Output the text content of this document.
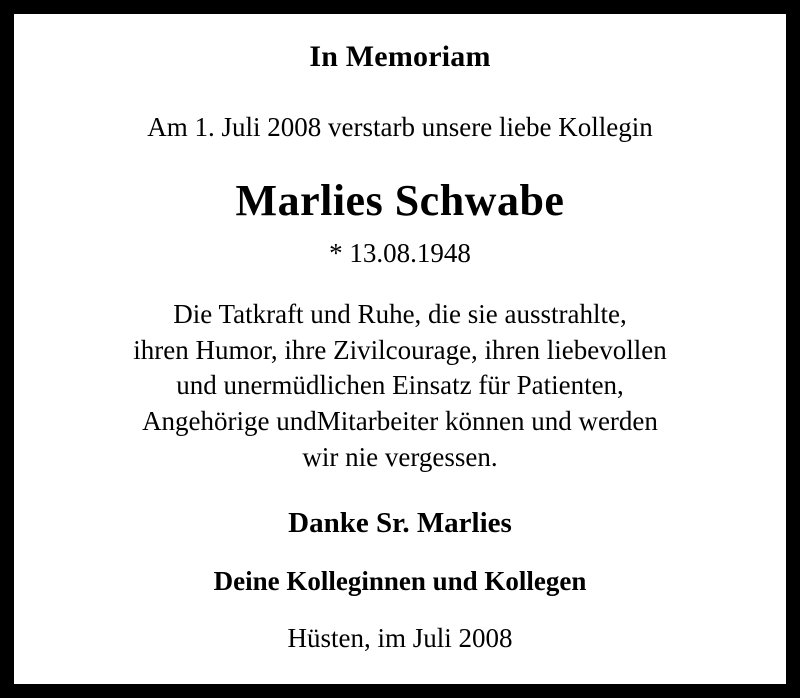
In Memoriam
Am 1. Juli 2008 verstarb unsere liebe Kollegin
Marlies Schwabe
* 13.08.1948
Die Tatkraft und Ruhe, die sie ausstrahlte,
ihren Humor, ihre Zivilcourage, ihren liebevollen
und unermüdlichen Einsatz für Patienten,
Angehörige undMitarbeiter können und werden
wir nie vergessen.
Danke Sr. Marlies
Deine Kolleginnen und Kollegen
Hüsten, im Juli 2008
